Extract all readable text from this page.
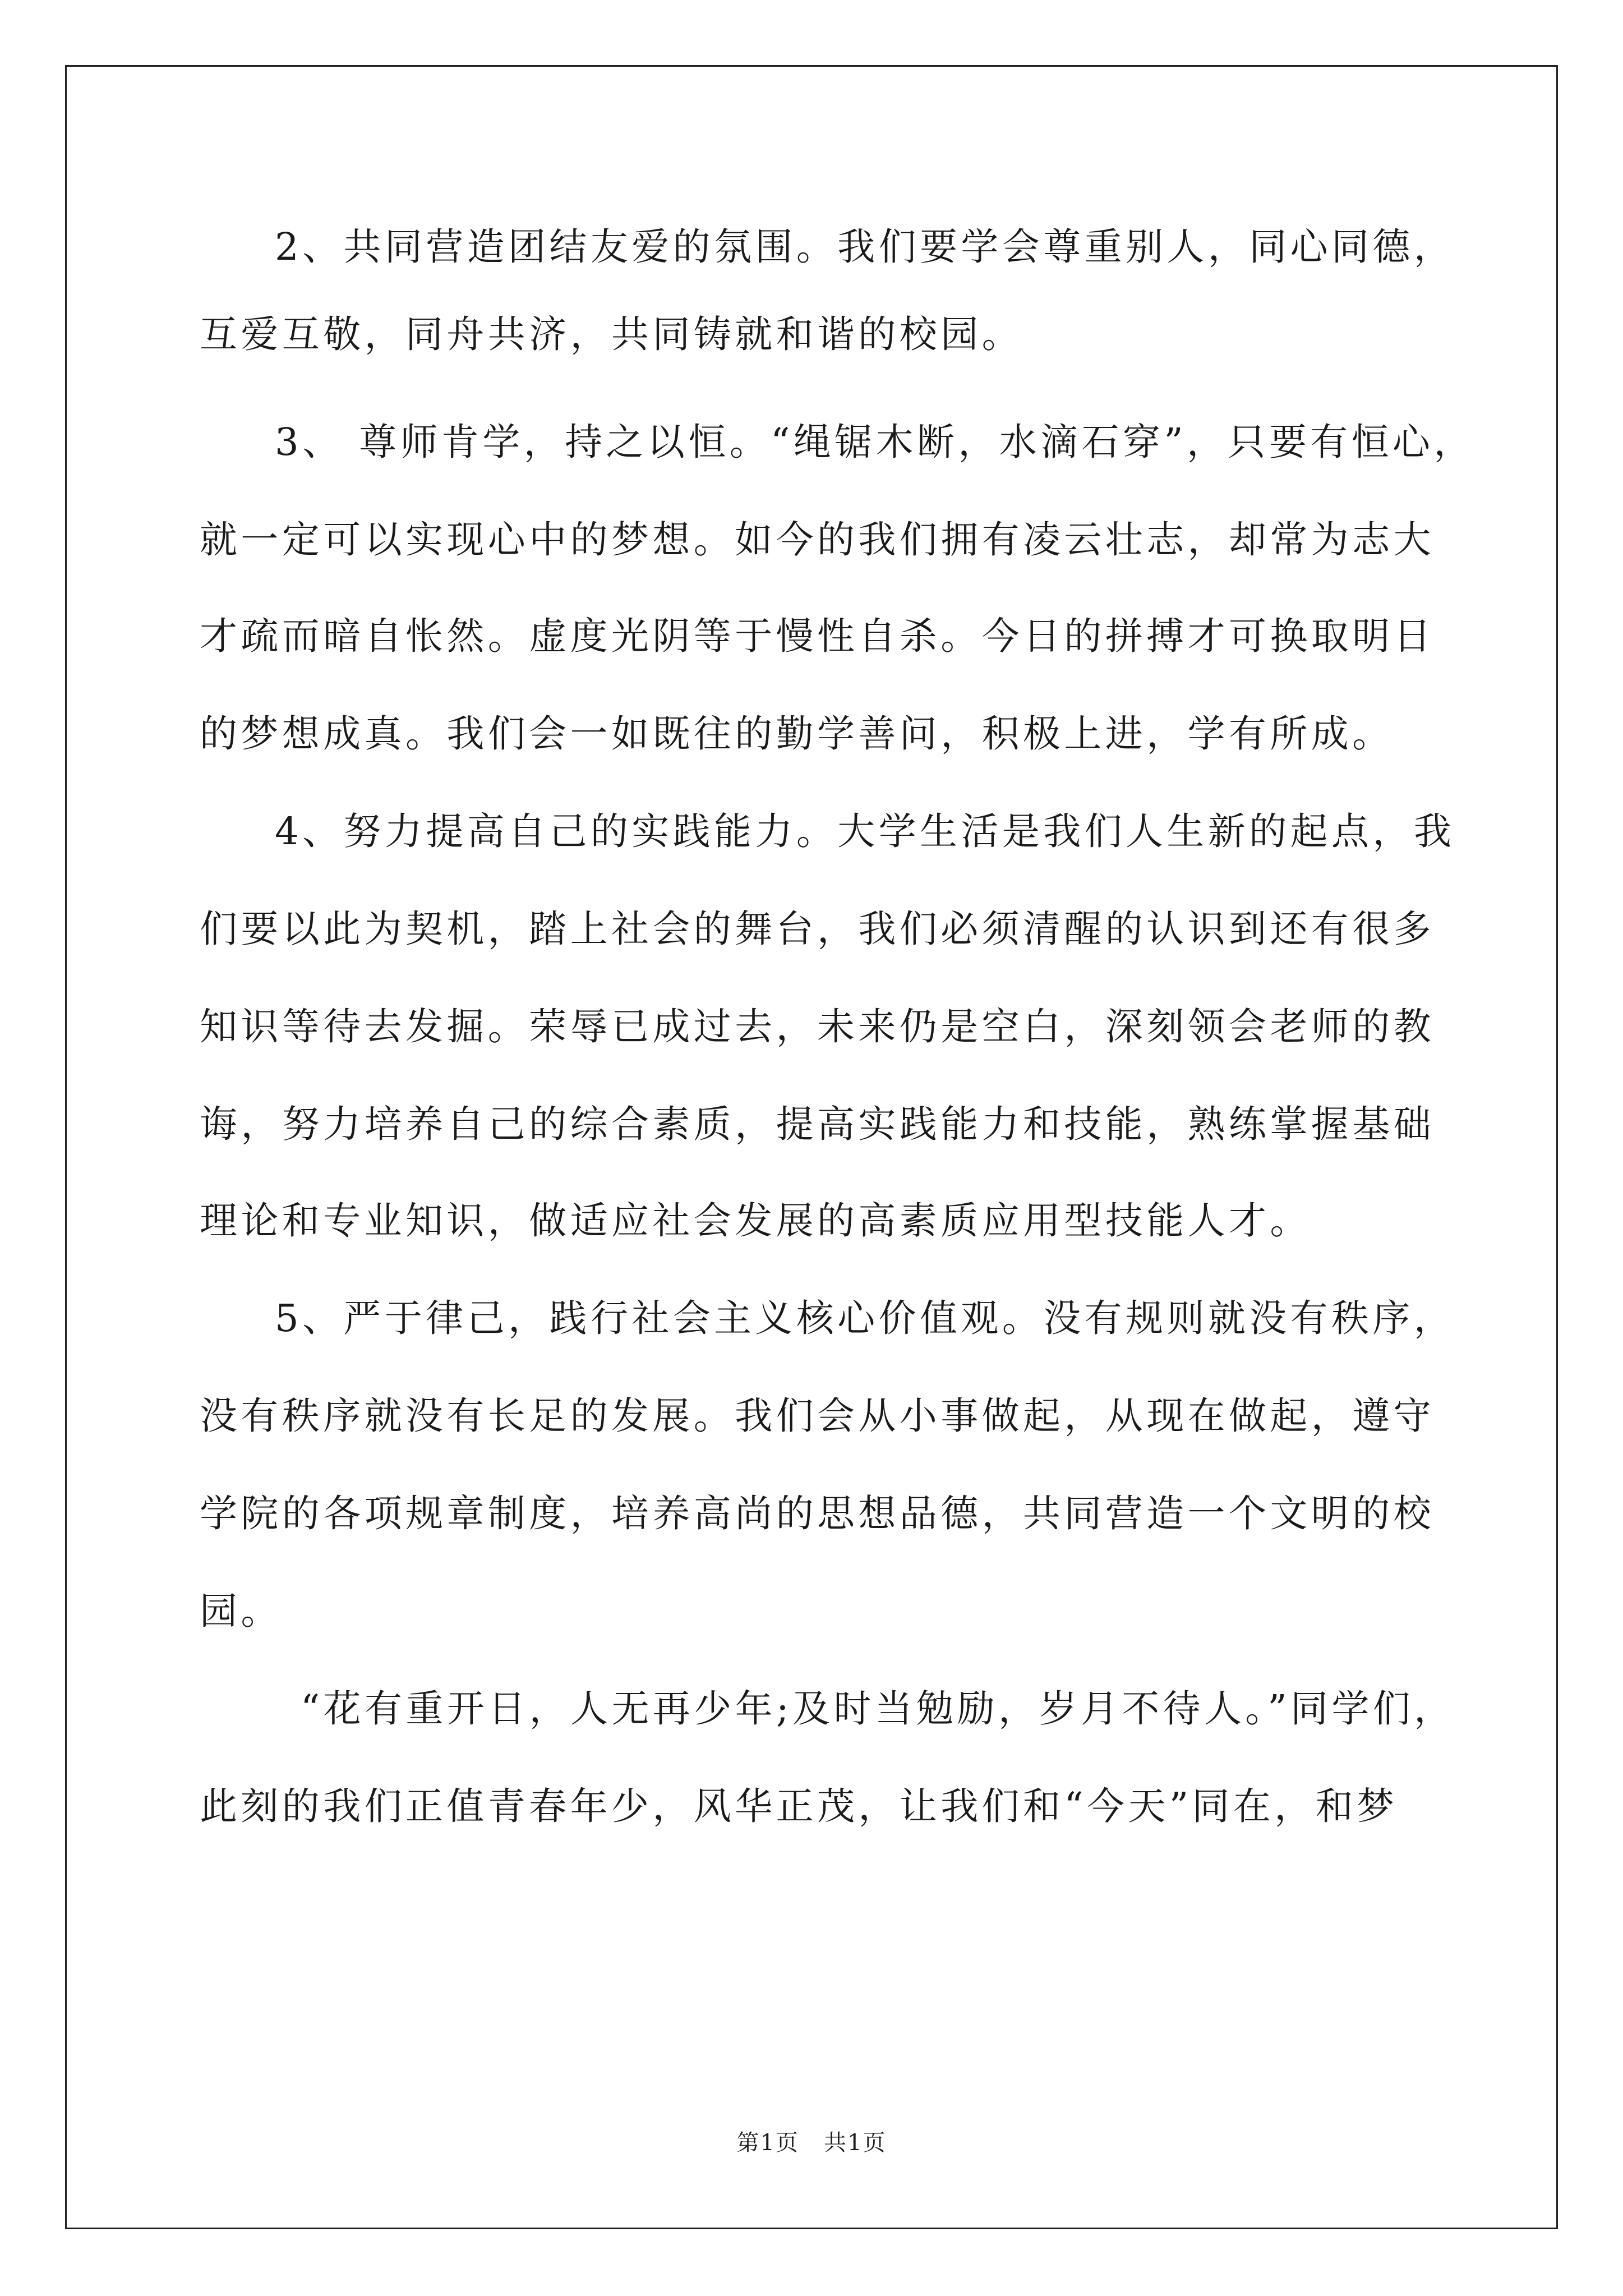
2、共同营造团结友爱的氛围。我们要学会尊重别人，同心同德，
互爱互敬，同舟共济，共同铸就和谐的校园。
3、 尊师肯学，持之以恒。“绳锯木断，水滴石穿”，只要有恒心，
就一定可以实现心中的梦想。如今的我们拥有凌云壮志，却常为志大
才疏而暗自怅然。虚度光阴等于慢性自杀。今日的拼搏才可换取明日
的梦想成真。我们会一如既往的勤学善问，积极上进，学有所成。
4、努力提高自己的实践能力。大学生活是我们人生新的起点，我
们要以此为契机，踏上社会的舞台，我们必须清醒的认识到还有很多
知识等待去发掘。荣辱已成过去，未来仍是空白，深刻领会老师的教
诲，努力培养自己的综合素质，提高实践能力和技能，熟练掌握基础
理论和专业知识，做适应社会发展的高素质应用型技能人才。
5、严于律己，践行社会主义核心价值观。没有规则就没有秩序，
没有秩序就没有长足的发展。我们会从小事做起，从现在做起，遵守
学院的各项规章制度，培养高尚的思想品德，共同营造一个文明的校
园。
“花有重开日，人无再少年;及时当勉励，岁月不待人。”同学们，
此刻的我们正值青春年少，风华正茂，让我们和“今天”同在，和梦
第1页   共1页
